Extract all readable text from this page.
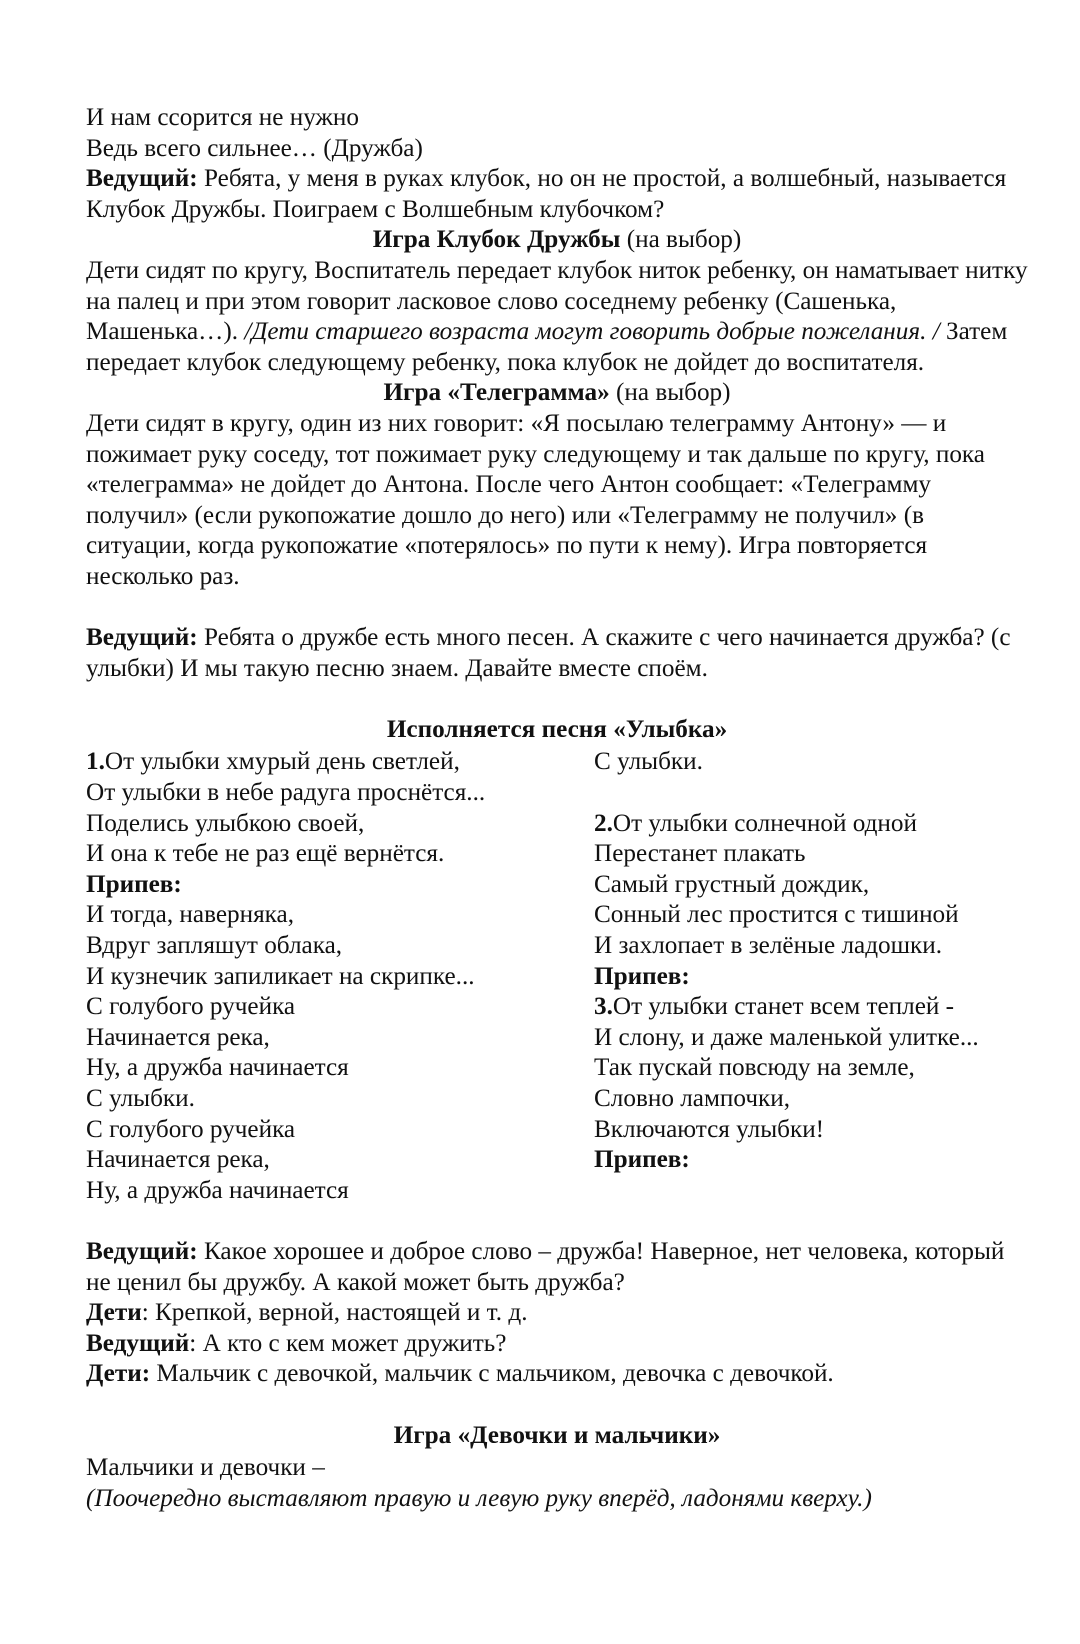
И нам ссорится не нужно
Ведь всего сильнее… (Дружба)

Ведущий: Ребята, у меня в руках клубок, но он не простой, а волшебный, называется Клубок Дружбы. Поиграем с Волшебным клубочком?

Игра Клубок Дружбы (на выбор)

Дети сидят по кругу, Воспитатель передает клубок ниток ребенку, он наматывает нитку на палец и при этом говорит ласковое слово соседнему ребенку (Сашенька, Машенька…). /Дети старшего возраста могут говорить добрые пожелания. / Затем передает клубок следующему ребенку, пока клубок не дойдет до воспитателя.

Игра «Телеграмма» (на выбор)

Дети сидят в кругу, один из них говорит: «Я посылаю телеграмму Антону» — и пожимает руку соседу, тот пожимает руку следующему и так дальше по кругу, пока «телеграмма» не дойдет до Антона. После чего Антон сообщает: «Телеграмму получил» (если рукопожатие дошло до него) или «Телеграмму не получил» (в ситуации, когда рукопожатие «потерялось» по пути к нему). Игра повторяется несколько раз.

Ведущий: Ребята о дружбе есть много песен. А скажите с чего начинается дружба? (с улыбки) И мы такую песню знаем. Давайте вместе споём.

Исполняется песня «Улыбка»
1.От улыбки хмурый день светлей,
От улыбки в небе радуга проснётся...
Поделись улыбкою своей,
И она к тебе не раз ещё вернётся.
Припев:
И тогда, наверняка,
Вдруг запляшут облака,
И кузнечик запиликает на скрипке...
С голубого ручейка
Начинается река,
Ну, а дружба начинается
С улыбки.
С голубого ручейка
Начинается река,
Ну, а дружба начинается
С улыбки.
2.От улыбки солнечной одной
Перестанет плакать
Самый грустный дождик,
Сонный лес простится с тишиной
И захлопает в зелёные ладошки.
Припев:
3.От улыбки станет всем теплей -
И слону, и даже маленькой улитке...
Так пускай повсюду на земле,
Словно лампочки,
Включаются улыбки!
Припев:

Ведущий: Какое хорошее и доброе слово – дружба! Наверное, нет человека, который не ценил бы дружбу. А какой может быть дружба?

Дети: Крепкой, верной, настоящей и т. д.

Ведущий: А кто с кем может дружить?

Дети: Мальчик с девочкой, мальчик с мальчиком, девочка с девочкой.

Игра «Девочки и мальчики»
Мальчики и девочки –
(Поочередно выставляют правую и левую руку вперёд, ладонями кверху.)
